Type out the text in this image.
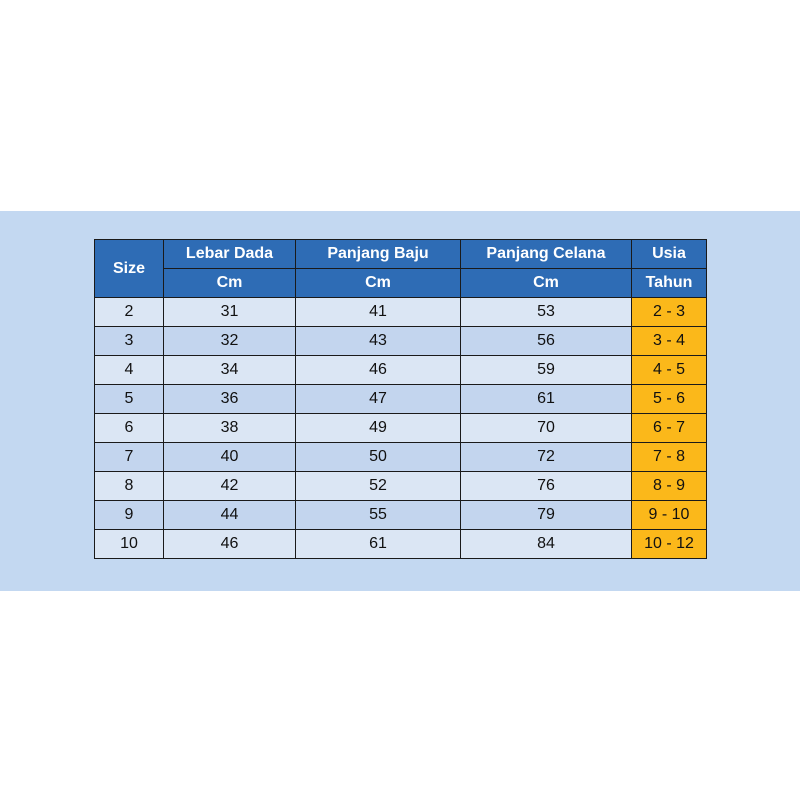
Size	Lebar Dada	Panjang Baju	Panjang Celana	Usia
	Cm	Cm	Cm	Tahun
2	31	41	53	2 - 3
3	32	43	56	3 - 4
4	34	46	59	4 - 5
5	36	47	61	5 - 6
6	38	49	70	6 - 7
7	40	50	72	7 - 8
8	42	52	76	8 - 9
9	44	55	79	9 - 10
10	46	61	84	10 - 12
